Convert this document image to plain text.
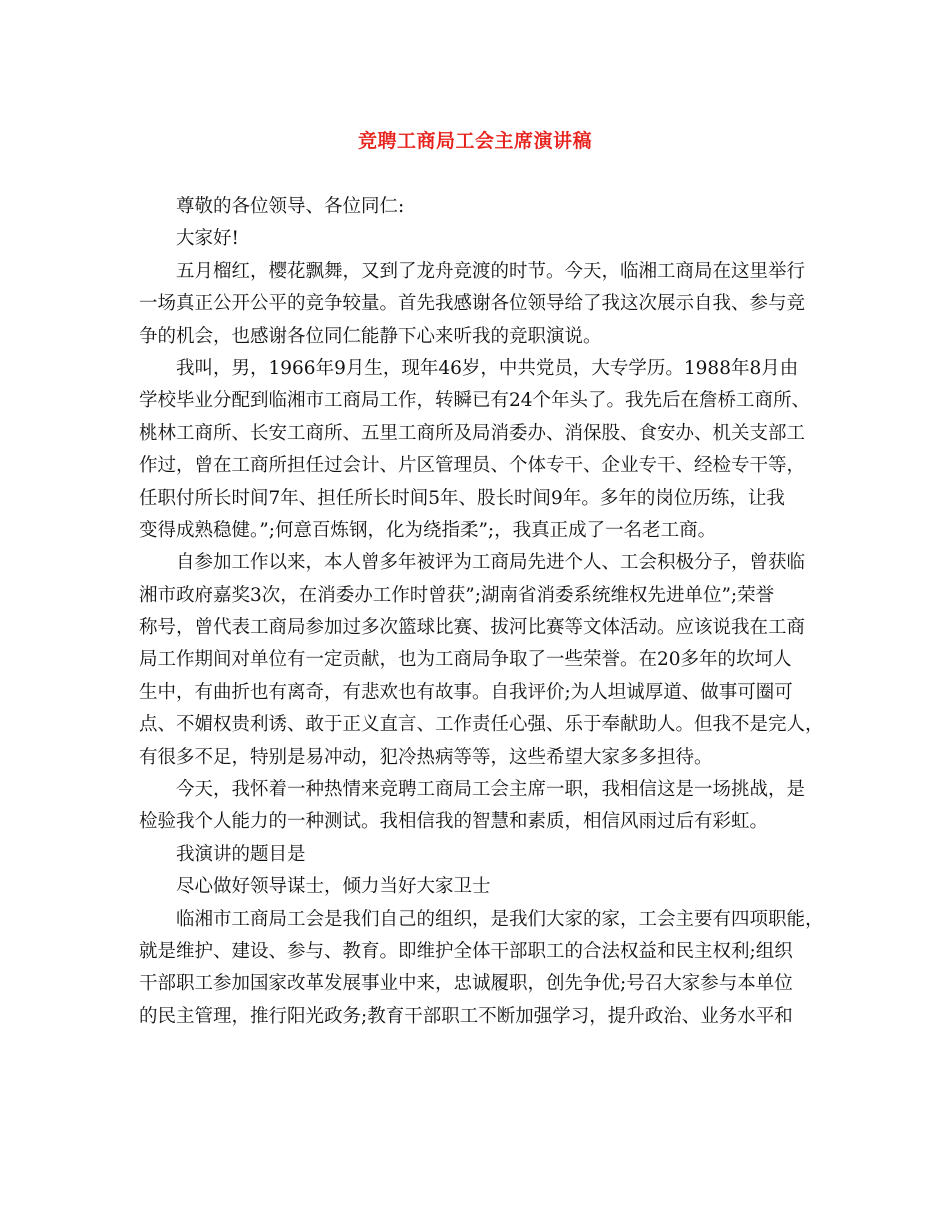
竞聘工商局工会主席演讲稿
尊敬的各位领导、各位同仁:
大家好!
五月榴红，樱花飘舞，又到了龙舟竞渡的时节。今天，临湘工商局在这里举行
一场真正公开公平的竞争较量。首先我感谢各位领导给了我这次展示自我、参与竞
争的机会，也感谢各位同仁能静下心来听我的竞职演说。
我叫，男，1966年9月生，现年46岁，中共党员，大专学历。1988年8月由
学校毕业分配到临湘市工商局工作，转瞬已有24个年头了。我先后在詹桥工商所、
桃林工商所、长安工商所、五里工商所及局消委办、消保股、食安办、机关支部工
作过，曾在工商所担任过会计、片区管理员、个体专干、企业专干、经检专干等，
任职付所长时间7年、担任所长时间5年、股长时间9年。多年的岗位历练，让我
变得成熟稳健。”;何意百炼钢，化为绕指柔”;，我真正成了一名老工商。
自参加工作以来，本人曾多年被评为工商局先进个人、工会积极分子，曾获临
湘市政府嘉奖3次，在消委办工作时曾获”;湖南省消委系统维权先进单位”;荣誉
称号，曾代表工商局参加过多次篮球比赛、拔河比赛等文体活动。应该说我在工商
局工作期间对单位有一定贡献，也为工商局争取了一些荣誉。在20多年的坎坷人
生中，有曲折也有离奇，有悲欢也有故事。自我评价;为人坦诚厚道、做事可圈可
点、不媚权贵利诱、敢于正义直言、工作责任心强、乐于奉献助人。但我不是完人，
有很多不足，特别是易冲动，犯冷热病等等，这些希望大家多多担待。
今天，我怀着一种热情来竞聘工商局工会主席一职，我相信这是一场挑战，是
检验我个人能力的一种测试。我相信我的智慧和素质，相信风雨过后有彩虹。
我演讲的题目是
尽心做好领导谋士，倾力当好大家卫士
临湘市工商局工会是我们自己的组织，是我们大家的家，工会主要有四项职能，
就是维护、建设、参与、教育。即维护全体干部职工的合法权益和民主权利;组织
干部职工参加国家改革发展事业中来，忠诚履职，创先争优;号召大家参与本单位
的民主管理，推行阳光政务;教育干部职工不断加强学习，提升政治、业务水平和
